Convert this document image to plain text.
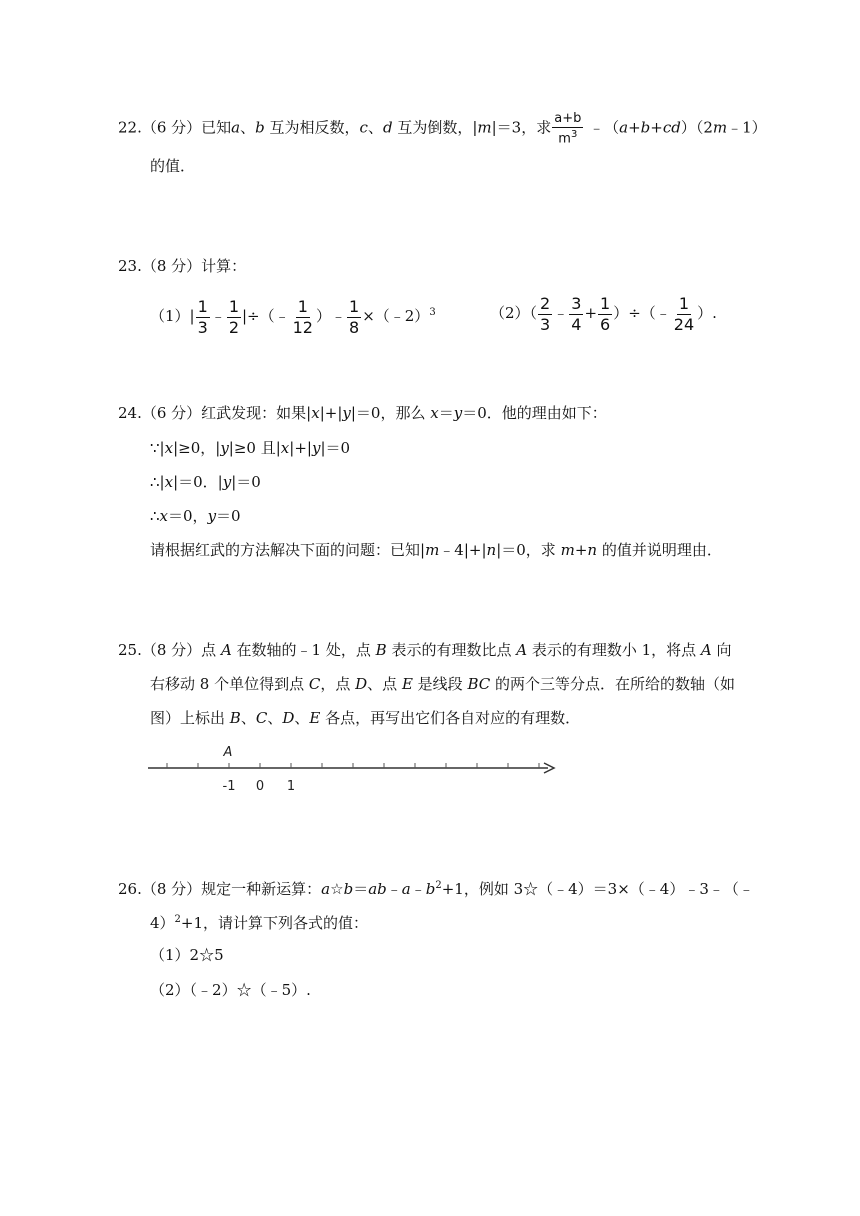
22.（6 分）已知a、b 互为相反数，c、d 互为倒数，|m|＝3，求 $\frac{a+b}{m^3}$ ﹣（a+b+cd）（2m﹣1）
的值．
23.（8 分）计算：
$(1)| \frac{1}{3}$ ﹣ $\frac{1}{2}$ |÷（﹣ $\frac{1}{12}$ ）﹣ $\frac{1}{8}$ ×（﹣2）$^3$	$(2)( \frac{2}{3}$ ﹣ $\frac{3}{4} + \frac{1}{6}$ ）÷（﹣ $\frac{1}{24}$ ）.
24.（6 分）红武发现：如果|x|+|y|＝0，那么 x＝y＝0．他的理由如下：
∵|x|≥0，|y|≥0 且|x|+|y|＝0
∴|x|＝0．|y|＝0
∴x＝0，y＝0
请根据红武的方法解决下面的问题：已知|m﹣4|+|n|＝0，求 m+n 的值并说明理由．
25.（8 分）点 A 在数轴的﹣1 处，点 B 表示的有理数比点 A 表示的有理数小 1，将点 A 向
右移动 8 个单位得到点 C，点 D、点 E 是线段 BC 的两个三等分点．在所给的数轴（如
图）上标出 B、C、D、E 各点，再写出它们各自对应的有理数．
-1 0 1
A
26.（8 分）规定一种新运算：$a☆b=ab﹣a﹣b^2+1$，例如 3☆（﹣4）＝3×（﹣4）﹣3﹣（﹣
4）$^2$+1，请计算下列各式的值：
（1）2☆5
（2）（﹣2）☆（﹣5）.
